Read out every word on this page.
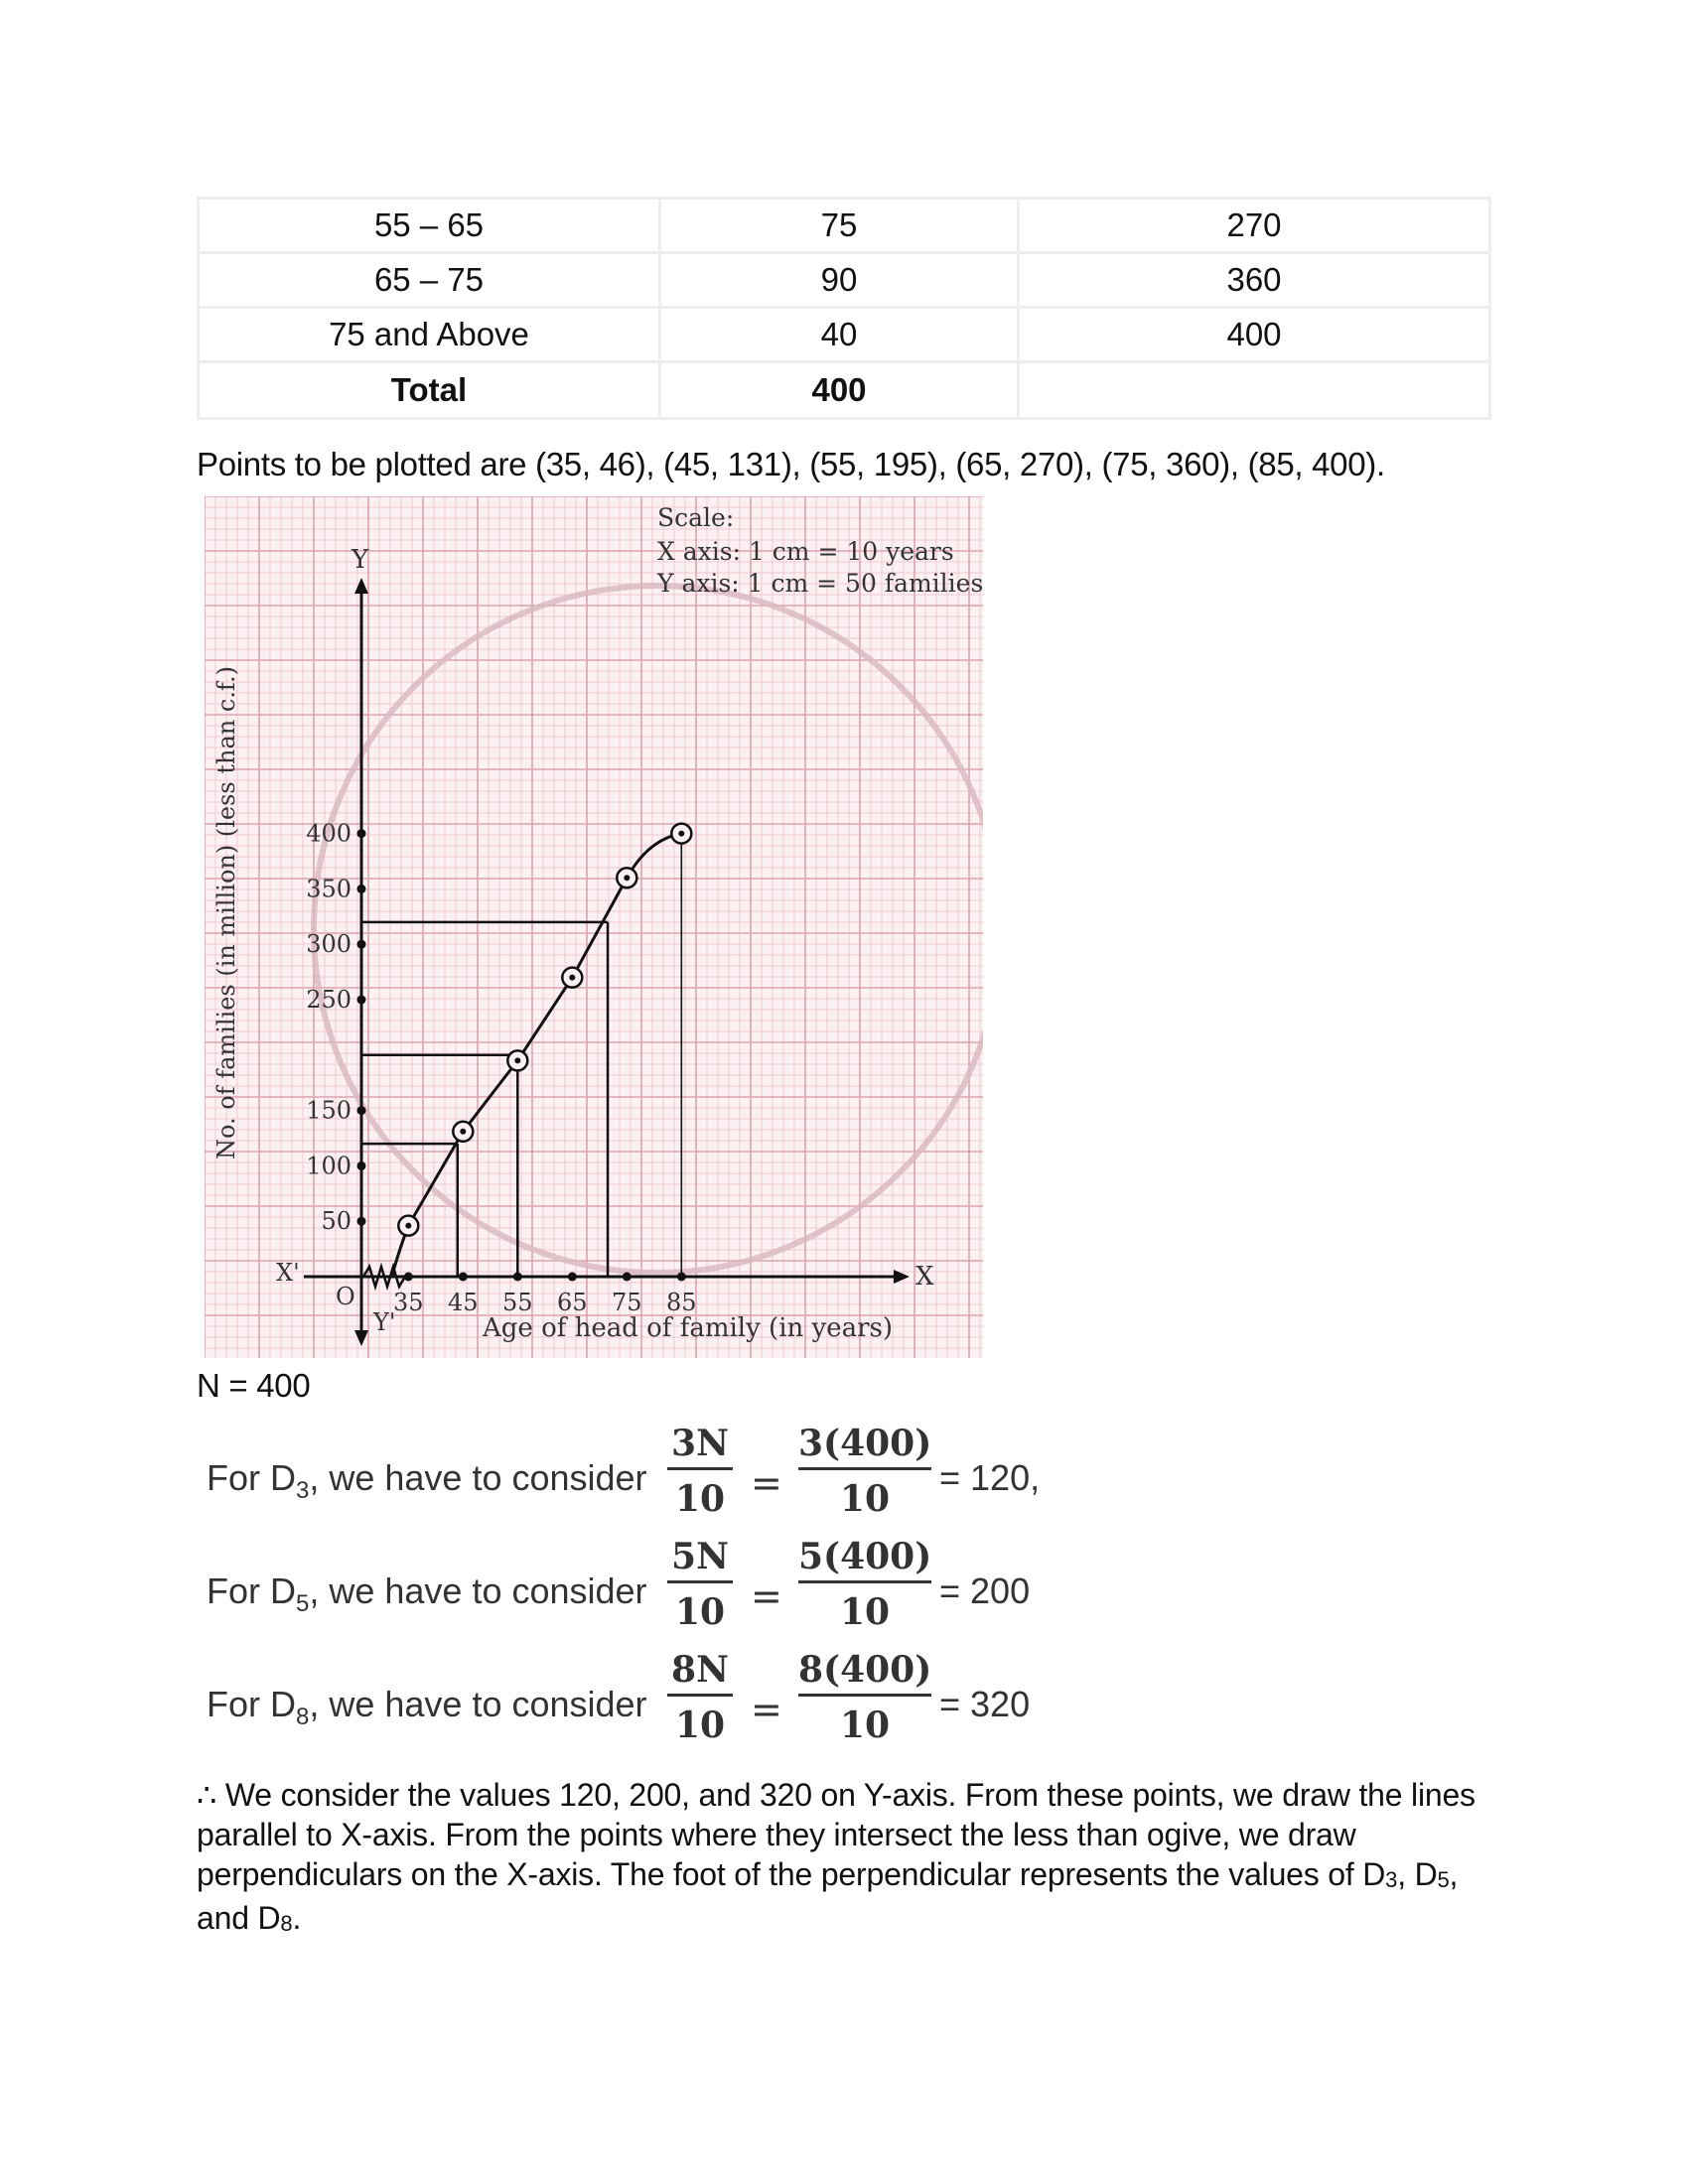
55 – 65	75	270
65 – 75	90	360
75 and Above	40	400
Total	400	
Points to be plotted are (35, 46), (45, 131), (55, 195), (65, 270), (75, 360), (85, 400).
400
350
300
250
150
100
50
35 45 55 65 75 85
No. of families (in million) (less than c.f.)
Age of head of family (in years)
Scale:
X axis: 1 cm = 10 years
Y axis: 1 cm = 50 families
Y
Y'
X
X'
O
N = 400
For $D_3$, we have to consider
3N
10 =
3(400)
10
= 120,
For $D_5$, we have to consider
5N
10 =
5(400)
10
= 200
For $D_8$, we have to consider
8N
10 =
8(400)
10
= 320
∴ We consider the values 120, 200, and 320 on Y-axis. From these points, we draw the lines parallel to X-axis. From the points where they intersect the less than ogive, we draw perpendiculars on the X-axis. The foot of the perpendicular represents the values of $D_3$, $D_5$, and $D_8$.
